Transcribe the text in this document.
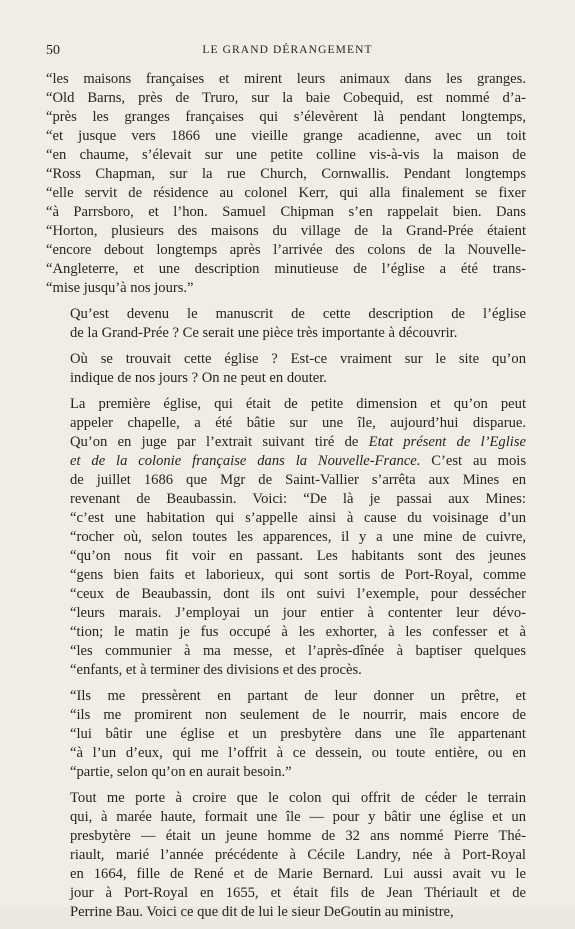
50	LE GRAND DÉRANGEMENT

“les maisons françaises et mirent leurs animaux dans les granges.
“Old Barns, près de Truro, sur la baie Cobequid, est nommé d’a-
“près les granges françaises qui s’élevèrent là pendant longtemps,
“et jusque vers 1866 une vieille grange acadienne, avec un toit
“en chaume, s’élevait sur une petite colline vis-à-vis la maison de
“Ross Chapman, sur la rue Church, Cornwallis. Pendant longtemps
“elle servit de résidence au colonel Kerr, qui alla finalement se fixer
“à Parrsboro, et l’hon. Samuel Chipman s’en rappelait bien. Dans
“Horton, plusieurs des maisons du village de la Grand-Prée étaient
“encore debout longtemps après l’arrivée des colons de la Nouvelle-
“Angleterre, et une description minutieuse de l’église a été trans-
“mise jusqu’à nos jours.”

Qu’est devenu le manuscrit de cette description de l’église
de la Grand-Prée ? Ce serait une pièce très importante à découvrir.

Où se trouvait cette église ? Est-ce vraiment sur le site qu’on
indique de nos jours ? On ne peut en douter.

La première église, qui était de petite dimension et qu’on peut
appeler chapelle, a été bâtie sur une île, aujourd’hui disparue.
Qu’on en juge par l’extrait suivant tiré de Etat présent de l’Eglise
et de la colonie française dans la Nouvelle-France. C’est au mois
de juillet 1686 que Mgr de Saint-Vallier s’arrêta aux Mines en
revenant de Beaubassin. Voici: “De là je passai aux Mines:
“c’est une habitation qui s’appelle ainsi à cause du voisinage d’un
“rocher où, selon toutes les apparences, il y a une mine de cuivre,
“qu’on nous fit voir en passant. Les habitants sont des jeunes
“gens bien faits et laborieux, qui sont sortis de Port-Royal, comme
“ceux de Beaubassin, dont ils ont suivi l’exemple, pour dessécher
“leurs marais. J’employai un jour entier à contenter leur dévo-
“tion; le matin je fus occupé à les exhorter, à les confesser et à
“les communier à ma messe, et l’après-dînée à baptiser quelques
“enfants, et à terminer des divisions et des procès.

“Ils me pressèrent en partant de leur donner un prêtre, et
“ils me promirent non seulement de le nourrir, mais encore de
“lui bâtir une église et un presbytère dans une île appartenant
“à l’un d’eux, qui me l’offrit à ce dessein, ou toute entière, ou en
“partie, selon qu’on en aurait besoin.”

Tout me porte à croire que le colon qui offrit de céder le terrain
qui, à marée haute, formait une île — pour y bâtir une église et un
presbytère — était un jeune homme de 32 ans nommé Pierre Thé-
riault, marié l’année précédente à Cécile Landry, née à Port-Royal
en 1664, fille de René et de Marie Bernard. Lui aussi avait vu le
jour à Port-Royal en 1655, et était fils de Jean Thériault et de
Perrine Bau. Voici ce que dit de lui le sieur DeGoutin au ministre,
